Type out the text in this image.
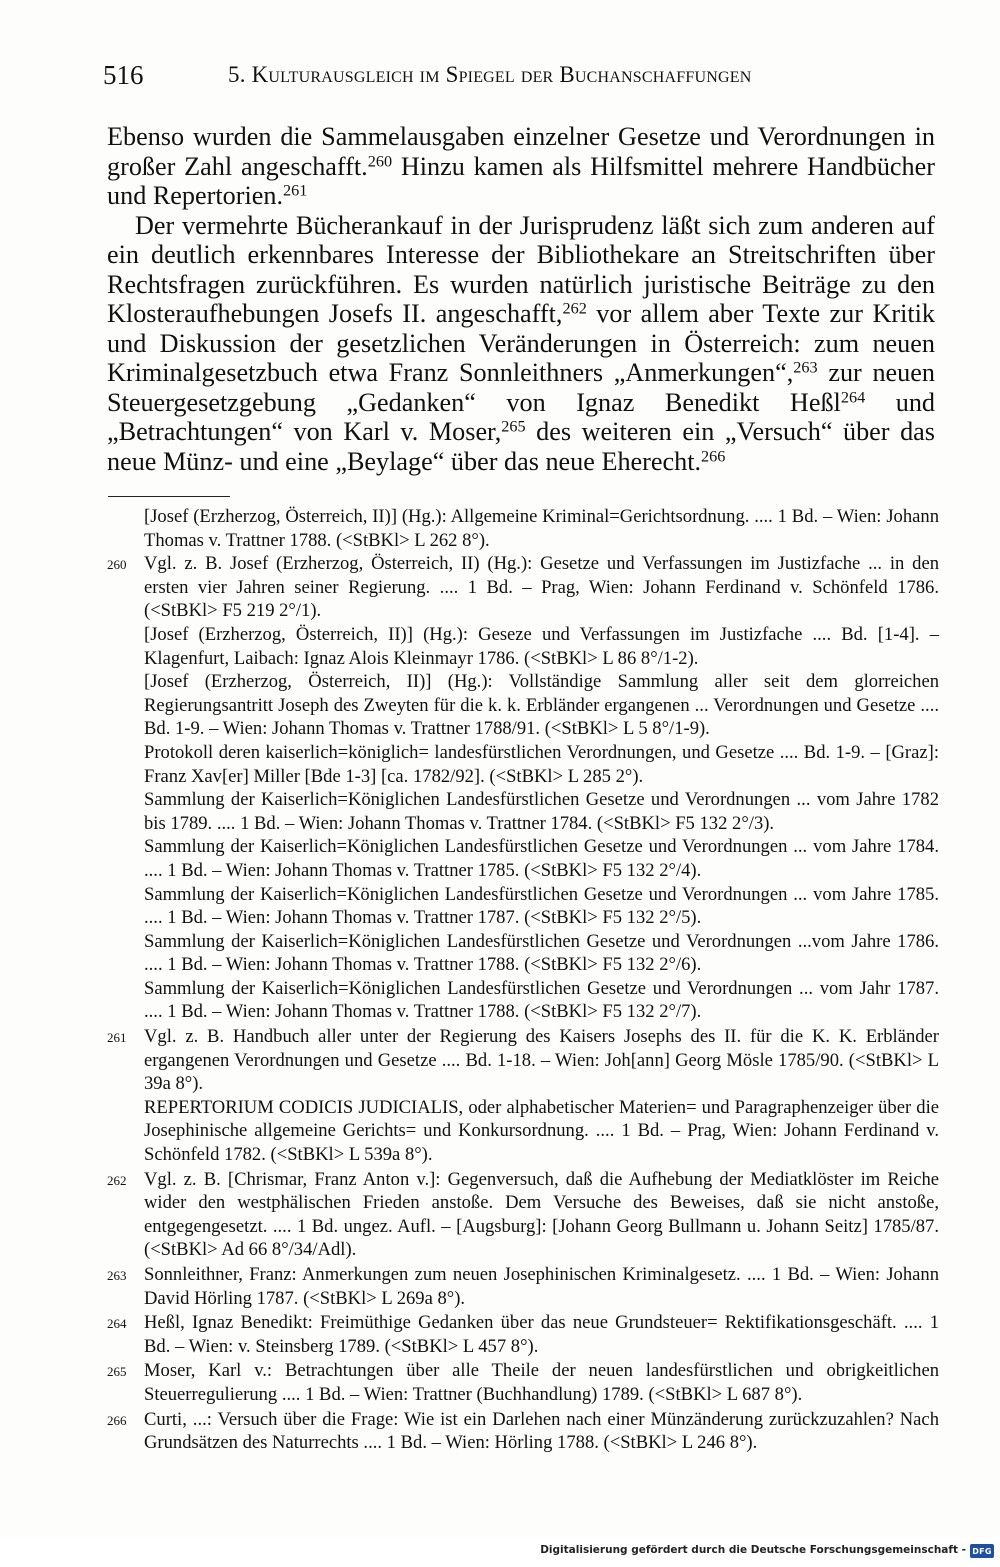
516	5. Kulturausgleich im Spiegel der Buchanschaffungen

Ebenso wurden die Sammelausgaben einzelner Gesetze und Verordnungen in großer Zahl angeschafft.$^{260}$ Hinzu kamen als Hilfsmittel mehrere Handbücher und Repertorien.$^{261}$

Der vermehrte Bücherankauf in der Jurisprudenz läßt sich zum anderen auf ein deutlich erkennbares Interesse der Bibliothekare an Streitschriften über Rechtsfragen zurückführen. Es wurden natürlich juristische Beiträge zu den Klosteraufhebungen Josefs II. angeschafft,$^{262}$ vor allem aber Texte zur Kritik und Diskussion der gesetzlichen Veränderungen in Österreich: zum neuen Kriminalgesetzbuch etwa Franz Sonnleithners „Anmerkungen“,$^{263}$ zur neuen Steuergesetzgebung „Gedanken“ von Ignaz Benedikt Heßl$^{264}$ und „Betrachtungen“ von Karl v. Moser,$^{265}$ des weiteren ein „Versuch“ über das neue Münz- und eine „Beylage“ über das neue Eherecht.$^{266}$

[Josef (Erzherzog, Österreich, II)] (Hg.): Allgemeine Kriminal=Gerichtsordnung. .... 1 Bd. – Wien: Johann Thomas v. Trattner 1788. (<StBKl> L 262 8°).

260 Vgl. z. B. Josef (Erzherzog, Österreich, II) (Hg.): Gesetze und Verfassungen im Justizfache ... in den ersten vier Jahren seiner Regierung. .... 1 Bd. – Prag, Wien: Johann Ferdinand v. Schönfeld 1786. (<StBKl> F5 219 2°/1).

[Josef (Erzherzog, Österreich, II)] (Hg.): Geseze und Verfassungen im Justizfache .... Bd. [1-4]. – Klagenfurt, Laibach: Ignaz Alois Kleinmayr 1786. (<StBKl> L 86 8°/1-2).

[Josef (Erzherzog, Österreich, II)] (Hg.): Vollständige Sammlung aller seit dem glorreichen Regierungsantritt Joseph des Zweyten für die k. k. Erbländer ergangenen ... Verordnungen und Gesetze .... Bd. 1-9. – Wien: Johann Thomas v. Trattner 1788/91. (<StBKl> L 5 8°/1-9).

Protokoll deren kaiserlich=königlich= landesfürstlichen Verordnungen, und Gesetze .... Bd. 1-9. – [Graz]: Franz Xav[er] Miller [Bde 1-3] [ca. 1782/92]. (<StBKl> L 285 2°).

Sammlung der Kaiserlich=Königlichen Landesfürstlichen Gesetze und Verordnungen ... vom Jahre 1782 bis 1789. .... 1 Bd. – Wien: Johann Thomas v. Trattner 1784. (<StBKl> F5 132 2°/3).

Sammlung der Kaiserlich=Königlichen Landesfürstlichen Gesetze und Verordnungen ... vom Jahre 1784. .... 1 Bd. – Wien: Johann Thomas v. Trattner 1785. (<StBKl> F5 132 2°/4).

Sammlung der Kaiserlich=Königlichen Landesfürstlichen Gesetze und Verordnungen ... vom Jahre 1785. .... 1 Bd. – Wien: Johann Thomas v. Trattner 1787. (<StBKl> F5 132 2°/5).

Sammlung der Kaiserlich=Königlichen Landesfürstlichen Gesetze und Verordnungen ...vom Jahre 1786. .... 1 Bd. – Wien: Johann Thomas v. Trattner 1788. (<StBKl> F5 132 2°/6).

Sammlung der Kaiserlich=Königlichen Landesfürstlichen Gesetze und Verordnungen ... vom Jahr 1787. .... 1 Bd. – Wien: Johann Thomas v. Trattner 1788. (<StBKl> F5 132 2°/7).

261 Vgl. z. B. Handbuch aller unter der Regierung des Kaisers Josephs des II. für die K. K. Erbländer ergangenen Verordnungen und Gesetze .... Bd. 1-18. – Wien: Joh[ann] Georg Mösle 1785/90. (<StBKl> L 39a 8°).

REPERTORIUM CODICIS JUDICIALIS, oder alphabetischer Materien= und Paragraphenzeiger über die Josephinische allgemeine Gerichts= und Konkursordnung. .... 1 Bd. – Prag, Wien: Johann Ferdinand v. Schönfeld 1782. (<StBKl> L 539a 8°).

262 Vgl. z. B. [Chrismar, Franz Anton v.]: Gegenversuch, daß die Aufhebung der Mediatklöster im Reiche wider den westphälischen Frieden anstoße. Dem Versuche des Beweises, daß sie nicht anstoße, entgegengesetzt. .... 1 Bd. ungez. Aufl. – [Augsburg]: [Johann Georg Bullmann u. Johann Seitz] 1785/87. (<StBKl> Ad 66 8°/34/Adl).

263 Sonnleithner, Franz: Anmerkungen zum neuen Josephinischen Kriminalgesetz. .... 1 Bd. – Wien: Johann David Hörling 1787. (<StBKl> L 269a 8°).

264 Heßl, Ignaz Benedikt: Freimüthige Gedanken über das neue Grundsteuer= Rektifikationsgeschäft. .... 1 Bd. – Wien: v. Steinsberg 1789. (<StBKl> L 457 8°).

265 Moser, Karl v.: Betrachtungen über alle Theile der neuen landesfürstlichen und obrigkeitlichen Steuerregulierung .... 1 Bd. – Wien: Trattner (Buchhandlung) 1789. (<StBKl> L 687 8°).

266 Curti, ...: Versuch über die Frage: Wie ist ein Darlehen nach einer Münzänderung zurückzuzahlen? Nach Grundsätzen des Naturrechts .... 1 Bd. – Wien: Hörling 1788. (<StBKl> L 246 8°).

Digitalisierung gefördert durch die Deutsche Forschungsgemeinschaft - DFG
